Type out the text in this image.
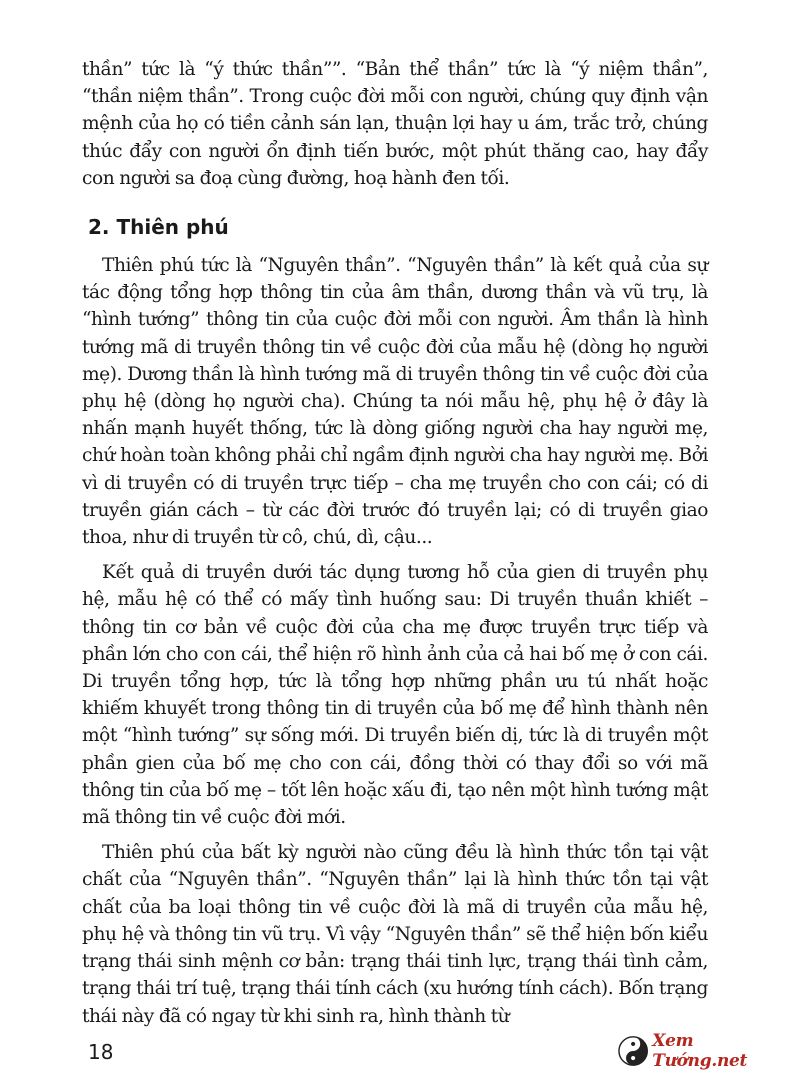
thần” tức là “ý thức thần””. “Bản thể thần” tức là “ý niệm thần”, “thần niệm thần”. Trong cuộc đời mỗi con người, chúng quy định vận mệnh của họ có tiền cảnh sán lạn, thuận lợi hay u ám, trắc trở, chúng thúc đẩy con người ổn định tiến bước, một phút thăng cao, hay đẩy con người sa đoạ cùng đường, hoạ hành đen tối.

2. Thiên phú

Thiên phú tức là “Nguyên thần”. “Nguyên thần” là kết quả của sự tác động tổng hợp thông tin của âm thần, dương thần và vũ trụ, là “hình tướng” thông tin của cuộc đời mỗi con người. Âm thần là hình tướng mã di truyền thông tin về cuộc đời của mẫu hệ (dòng họ người mẹ). Dương thần là hình tướng mã di truyền thông tin về cuộc đời của phụ hệ (dòng họ người cha). Chúng ta nói mẫu hệ, phụ hệ ở đây là nhấn mạnh huyết thống, tức là dòng giống người cha hay người mẹ, chứ hoàn toàn không phải chỉ ngầm định người cha hay người mẹ. Bởi vì di truyền có di truyền trực tiếp – cha mẹ truyền cho con cái; có di truyền gián cách – từ các đời trước đó truyền lại; có di truyền giao thoa, như di truyền từ cô, chú, dì, cậu...

Kết quả di truyền dưới tác dụng tương hỗ của gien di truyền phụ hệ, mẫu hệ có thể có mấy tình huống sau: Di truyền thuần khiết – thông tin cơ bản về cuộc đời của cha mẹ được truyền trực tiếp và phần lớn cho con cái, thể hiện rõ hình ảnh của cả hai bố mẹ ở con cái. Di truyền tổng hợp, tức là tổng hợp những phần ưu tú nhất hoặc khiếm khuyết trong thông tin di truyền của bố mẹ để hình thành nên một “hình tướng” sự sống mới. Di truyền biến dị, tức là di truyền một phần gien của bố mẹ cho con cái, đồng thời có thay đổi so với mã thông tin của bố mẹ – tốt lên hoặc xấu đi, tạo nên một hình tướng mật mã thông tin về cuộc đời mới.

Thiên phú của bất kỳ người nào cũng đều là hình thức tồn tại vật chất của “Nguyên thần”. “Nguyên thần” lại là hình thức tồn tại vật chất của ba loại thông tin về cuộc đời là mã di truyền của mẫu hệ, phụ hệ và thông tin vũ trụ. Vì vậy “Nguyên thần” sẽ thể hiện bốn kiểu trạng thái sinh mệnh cơ bản: trạng thái tinh lực, trạng thái tình cảm, trạng thái trí tuệ, trạng thái tính cách (xu hướng tính cách). Bốn trạng thái này đã có ngay từ khi sinh ra, hình thành từ

18	Xem Tướng.net
